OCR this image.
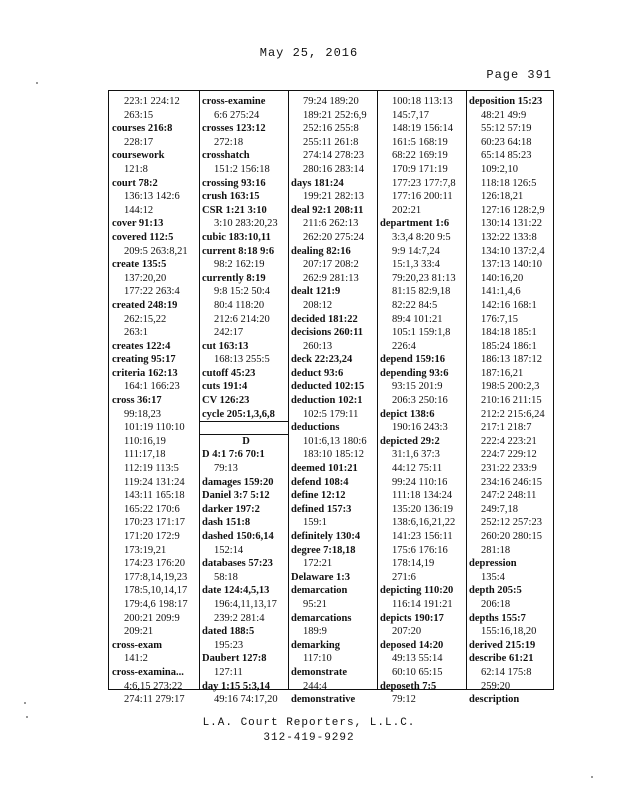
May 25, 2016
Page 391
223:1 224:12
263:15
courses 216:8
228:17
coursework
121:8
court 78:2
136:13 142:6
144:12
cover 91:13
covered 112:5
209:5 263:8,21
create 135:5
137:20,20
177:22 263:4
created 248:19
262:15,22
263:1
creates 122:4
creating 95:17
criteria 162:13
164:1 166:23
cross 36:17
99:18,23
101:19 110:10
110:16,19
111:17,18
112:19 113:5
119:24 131:24
143:11 165:18
165:22 170:6
170:23 171:17
171:20 172:9
173:19,21
174:23 176:20
177:8,14,19,23
178:5,10,14,17
179:4,6 198:17
200:21 209:9
209:21
cross-exam
141:2
cross-examina...
4:6,15 273:22
274:11 279:17
cross-examine
6:6 275:24
crosses 123:12
272:18
crosshatch
151:2 156:18
crossing 93:16
crush 163:15
CSR 1:21 3:10
3:10 283:20,23
cubic 183:10,11
current 8:18 9:6
98:2 162:19
currently 8:19
9:8 15:2 50:4
80:4 118:20
212:6 214:20
242:17
cut 163:13
168:13 255:5
cutoff 45:23
cuts 191:4
CV 126:23
cycle 205:1,3,6,8

D
D 4:1 7:6 70:1
79:13
damages 159:20
Daniel 3:7 5:12
darker 197:2
dash 151:8
dashed 150:6,14
152:14
databases 57:23
58:18
date 124:4,5,13
196:4,11,13,17
239:2 281:4
dated 188:5
195:23
Daubert 127:8
127:11
day 1:15 5:3,14
49:16 74:17,20
79:24 189:20
189:21 252:6,9
252:16 255:8
255:11 261:8
274:14 278:23
280:16 283:14
days 181:24
199:21 282:13
deal 92:1 208:11
211:6 262:13
262:20 275:24
dealing 82:16
207:17 208:2
262:9 281:13
dealt 121:9
208:12
decided 181:22
decisions 260:11
260:13
deck 22:23,24
deduct 93:6
deducted 102:15
deduction 102:1
102:5 179:11
deductions
101:6,13 180:6
183:10 185:12
deemed 101:21
defend 108:4
define 12:12
defined 157:3
159:1
definitely 130:4
degree 7:18,18
172:21
Delaware 1:3
demarcation
95:21
demarcations
189:9
demarking
117:10
demonstrate
244:4
demonstrative
100:18 113:13
145:7,17
148:19 156:14
161:5 168:19
68:22 169:19
170:9 171:19
177:23 177:7,8
177:16 200:11
202:21
department 1:6
3:3,4 8:20 9:5
9:9 14:7,24
15:1,3 33:4
79:20,23 81:13
81:15 82:9,18
82:22 84:5
89:4 101:21
105:1 159:1,8
226:4
depend 159:16
depending 93:6
93:15 201:9
206:3 250:16
depict 138:6
190:16 243:3
depicted 29:2
31:1,6 37:3
44:12 75:11
99:24 110:16
111:18 134:24
135:20 136:19
138:6,16,21,22
141:23 156:11
175:6 176:16
178:14,19
271:6
depicting 110:20
116:14 191:21
depicts 190:17
207:20
deposed 14:20
49:13 55:14
60:10 65:15
deposeth 7:5
79:12
deposition 15:23
48:21 49:9
55:12 57:19
60:23 64:18
65:14 85:23
109:2,10
118:18 126:5
126:18,21
127:16 128:2,9
130:14 131:22
132:22 133:8
134:10 137:2,4
137:13 140:10
140:16,20
141:1,4,6
142:16 168:1
176:7,15
184:18 185:1
185:24 186:1
186:13 187:12
187:16,21
198:5 200:2,3
210:16 211:15
212:2 215:6,24
217:1 218:7
222:4 223:21
224:7 229:12
231:22 233:9
234:16 246:15
247:2 248:11
249:7,18
252:12 257:23
260:20 280:15
281:18
depression
135:4
depth 205:5
206:18
depths 155:7
155:16,18,20
derived 215:19
describe 61:21
62:14 175:8
259:20
description
L.A. Court Reporters, L.L.C.
312-419-9292
